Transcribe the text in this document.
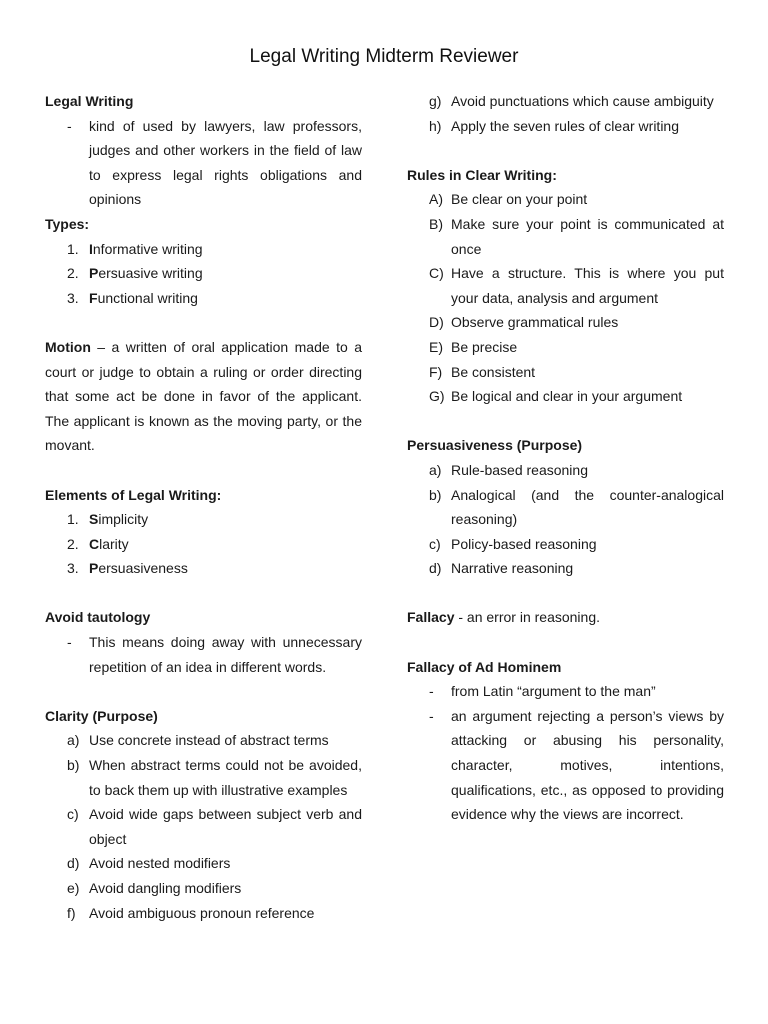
Legal Writing Midterm Reviewer
Legal Writing
-	kind of used by lawyers, law professors, judges and other workers in the field of law to express legal rights obligations and opinions
Types:
1. Informative writing
2. Persuasive writing
3. Functional writing
Motion – a written of oral application made to a court or judge to obtain a ruling or order directing that some act be done in favor of the applicant. The applicant is known as the moving party, or the movant.
Elements of Legal Writing:
1. Simplicity
2. Clarity
3. Persuasiveness
Avoid tautology
-	This means doing away with unnecessary repetition of an idea in different words.
Clarity (Purpose)
a) Use concrete instead of abstract terms
b) When abstract terms could not be avoided, to back them up with illustrative examples
c) Avoid wide gaps between subject verb and object
d) Avoid nested modifiers
e) Avoid dangling modifiers
f) Avoid ambiguous pronoun reference
g) Avoid punctuations which cause ambiguity
h) Apply the seven rules of clear writing
Rules in Clear Writing:
A) Be clear on your point
B) Make sure your point is communicated at once
C) Have a structure. This is where you put your data, analysis and argument
D) Observe grammatical rules
E) Be precise
F) Be consistent
G) Be logical and clear in your argument
Persuasiveness (Purpose)
a) Rule-based reasoning
b) Analogical (and the counter-analogical reasoning)
c) Policy-based reasoning
d) Narrative reasoning
Fallacy - an error in reasoning.
Fallacy of Ad Hominem
-	from Latin “argument to the man”
-	an argument rejecting a person’s views by attacking or abusing his personality, character, motives, intentions, qualifications, etc., as opposed to providing evidence why the views are incorrect.
